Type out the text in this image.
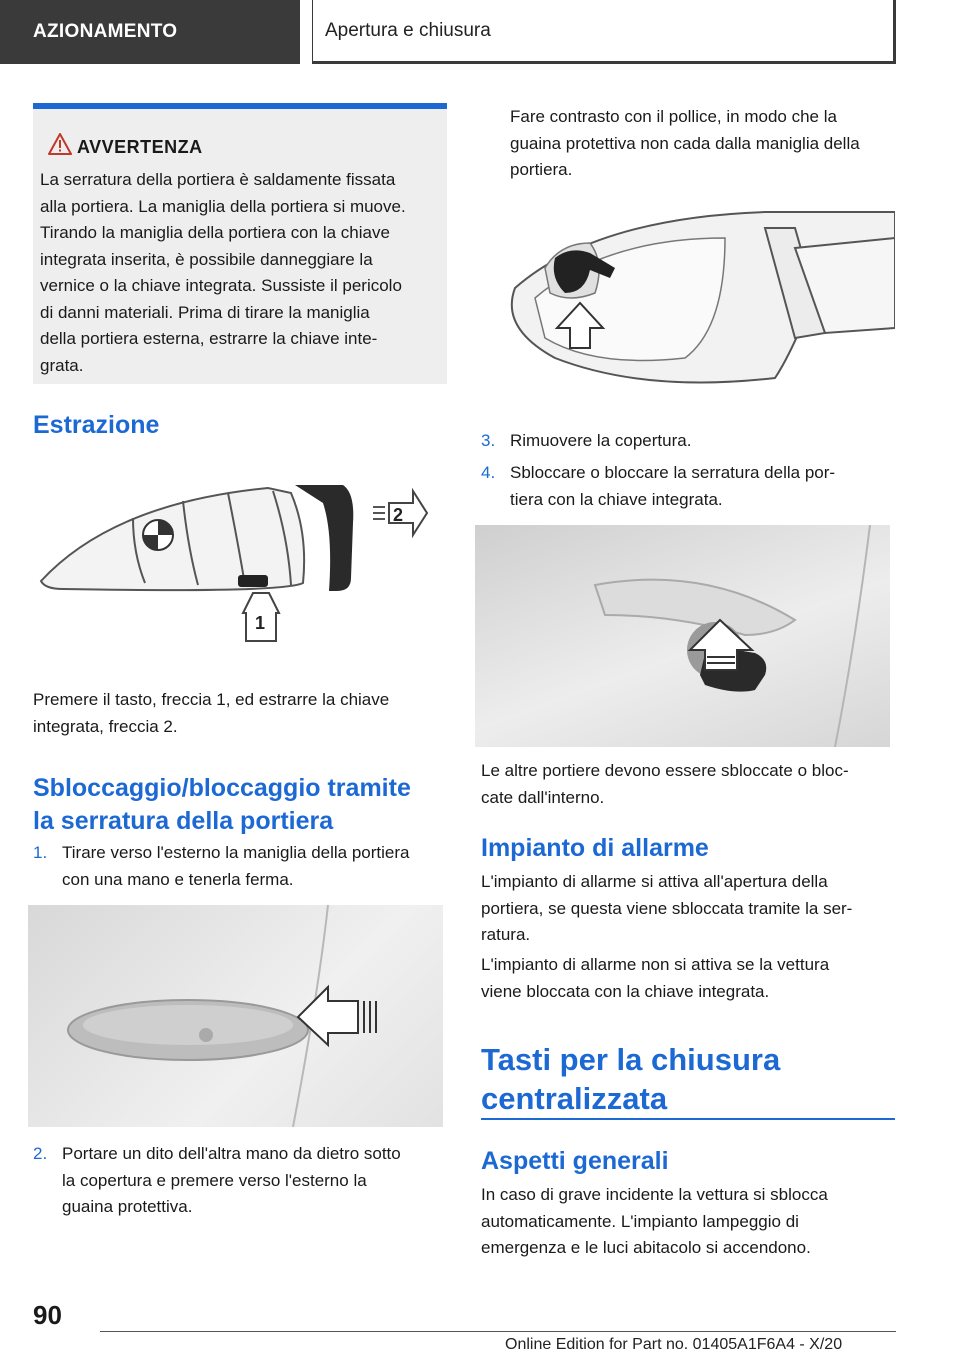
AZIONAMENTO	Apertura e chiusura
AVVERTENZA
La serratura della portiera è saldamente fissata
alla portiera. La maniglia della portiera si muove.
Tirando la maniglia della portiera con la chiave
integrata inserita, è possibile danneggiare la
vernice o la chiave integrata. Sussiste il pericolo
di danni materiali. Prima di tirare la maniglia
della portiera esterna, estrarre la chiave inte-
grata.
Estrazione
2
1
Premere il tasto, freccia 1, ed estrarre la chiave
integrata, freccia 2.
Sbloccaggio/bloccaggio tramite
la serratura della portiera
1. Tirare verso l'esterno la maniglia della portiera
con una mano e tenerla ferma.
2. Portare un dito dell'altra mano da dietro sotto
la copertura e premere verso l'esterno la
guaina protettiva.
Fare contrasto con il pollice, in modo che la
guaina protettiva non cada dalla maniglia della
portiera.
3. Rimuovere la copertura.
4. Sbloccare o bloccare la serratura della por-
tiera con la chiave integrata.
Le altre portiere devono essere sbloccate o bloc-
cate dall'interno.
Impianto di allarme
L'impianto di allarme si attiva all'apertura della
portiera, se questa viene sbloccata tramite la ser-
ratura.
L'impianto di allarme non si attiva se la vettura
viene bloccata con la chiave integrata.
Tasti per la chiusura
centralizzata
Aspetti generali
In caso di grave incidente la vettura si sblocca
automaticamente. L'impianto lampeggio di
emergenza e le luci abitacolo si accendono.
90
Online Edition for Part no. 01405A1F6A4 - X/20
